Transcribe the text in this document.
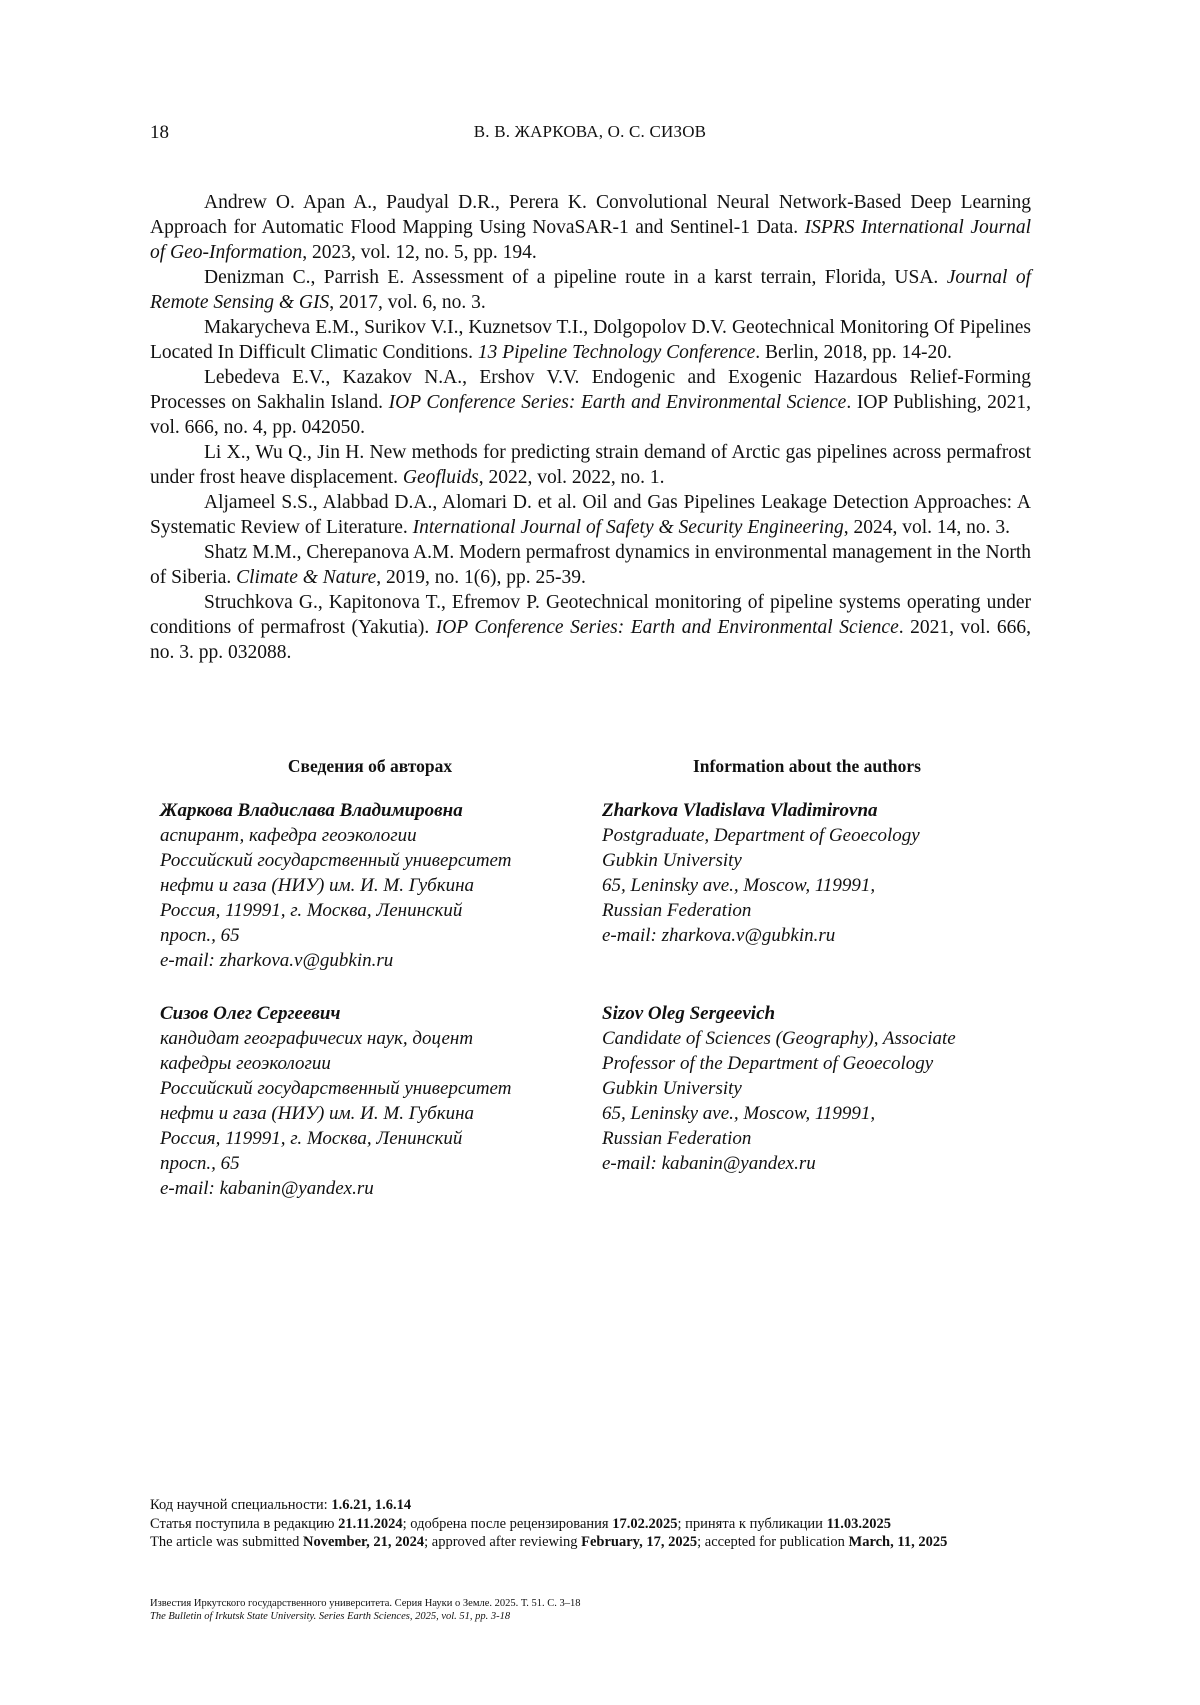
18	В. В. ЖАРКОВА, О. С. СИЗОВ

Andrew O. Apan A., Paudyal D.R., Perera K. Convolutional Neural Network-Based Deep Learning Approach for Automatic Flood Mapping Using NovaSAR-1 and Sentinel-1 Data. ISPRS International Journal of Geo-Information, 2023, vol. 12, no. 5, pp. 194.

Denizman C., Parrish E. Assessment of a pipeline route in a karst terrain, Florida, USA. Journal of Remote Sensing & GIS, 2017, vol. 6, no. 3.

Makarycheva E.M., Surikov V.I., Kuznetsov T.I., Dolgopolov D.V. Geotechnical Monitoring Of Pipelines Located In Difficult Climatic Conditions. 13 Pipeline Technology Conference. Berlin, 2018, pp. 14-20.

Lebedeva E.V., Kazakov N.A., Ershov V.V. Endogenic and Exogenic Hazardous Relief-Forming Processes on Sakhalin Island. IOP Conference Series: Earth and Environmental Science. IOP Publishing, 2021, vol. 666, no. 4, pp. 042050.

Li X., Wu Q., Jin H. New methods for predicting strain demand of Arctic gas pipelines across permafrost under frost heave displacement. Geofluids, 2022, vol. 2022, no. 1.

Aljameel S.S., Alabbad D.A., Alomari D. et al. Oil and Gas Pipelines Leakage Detection Approaches: A Systematic Review of Literature. International Journal of Safety & Security Engineering, 2024, vol. 14, no. 3.

Shatz M.M., Cherepanova A.M. Modern permafrost dynamics in environmental management in the North of Siberia. Climate & Nature, 2019, no. 1(6), pp. 25-39.

Struchkova G., Kapitonova T., Efremov P. Geotechnical monitoring of pipeline systems operating under conditions of permafrost (Yakutia). IOP Conference Series: Earth and Environmental Science. 2021, vol. 666, no. 3. pp. 032088.

Сведения об авторах
Жаркова Владислава Владимировна
аспирант, кафедра геоэкологии
Российский государственный университет
нефти и газа (НИУ) им. И. М. Губкина
Россия, 119991, г. Москва, Ленинский
просп., 65
e-mail: zharkova.v@gubkin.ru
Сизов Олег Сергеевич
кандидат географичесих наук, доцент
кафедры геоэкологии
Российский государственный университет
нефти и газа (НИУ) им. И. М. Губкина
Россия, 119991, г. Москва, Ленинский
просп., 65
e-mail: kabanin@yandex.ru
Information about the authors
Zharkova Vladislava Vladimirovna
Postgraduate, Department of Geoecology
Gubkin University
65, Leninsky ave., Moscow, 119991,
Russian Federation
e-mail: zharkova.v@gubkin.ru
Sizov Oleg Sergeevich
Candidate of Sciences (Geography), Associate
Professor of the Department of Geoecology
Gubkin University
65, Leninsky ave., Moscow, 119991,
Russian Federation
e-mail: kabanin@yandex.ru

Код научной специальности: 1.6.21, 1.6.14

Статья поступила в редакцию 21.11.2024; одобрена после рецензирования 17.02.2025; принята к публикации 11.03.2025

The article was submitted November, 21, 2024; approved after reviewing February, 17, 2025; accepted for publication March, 11, 2025

Известия Иркутского государственного университета. Серия Науки о Земле. 2025. Т. 51. С. 3–18

The Bulletin of Irkutsk State University. Series Earth Sciences, 2025, vol. 51, pp. 3-18
